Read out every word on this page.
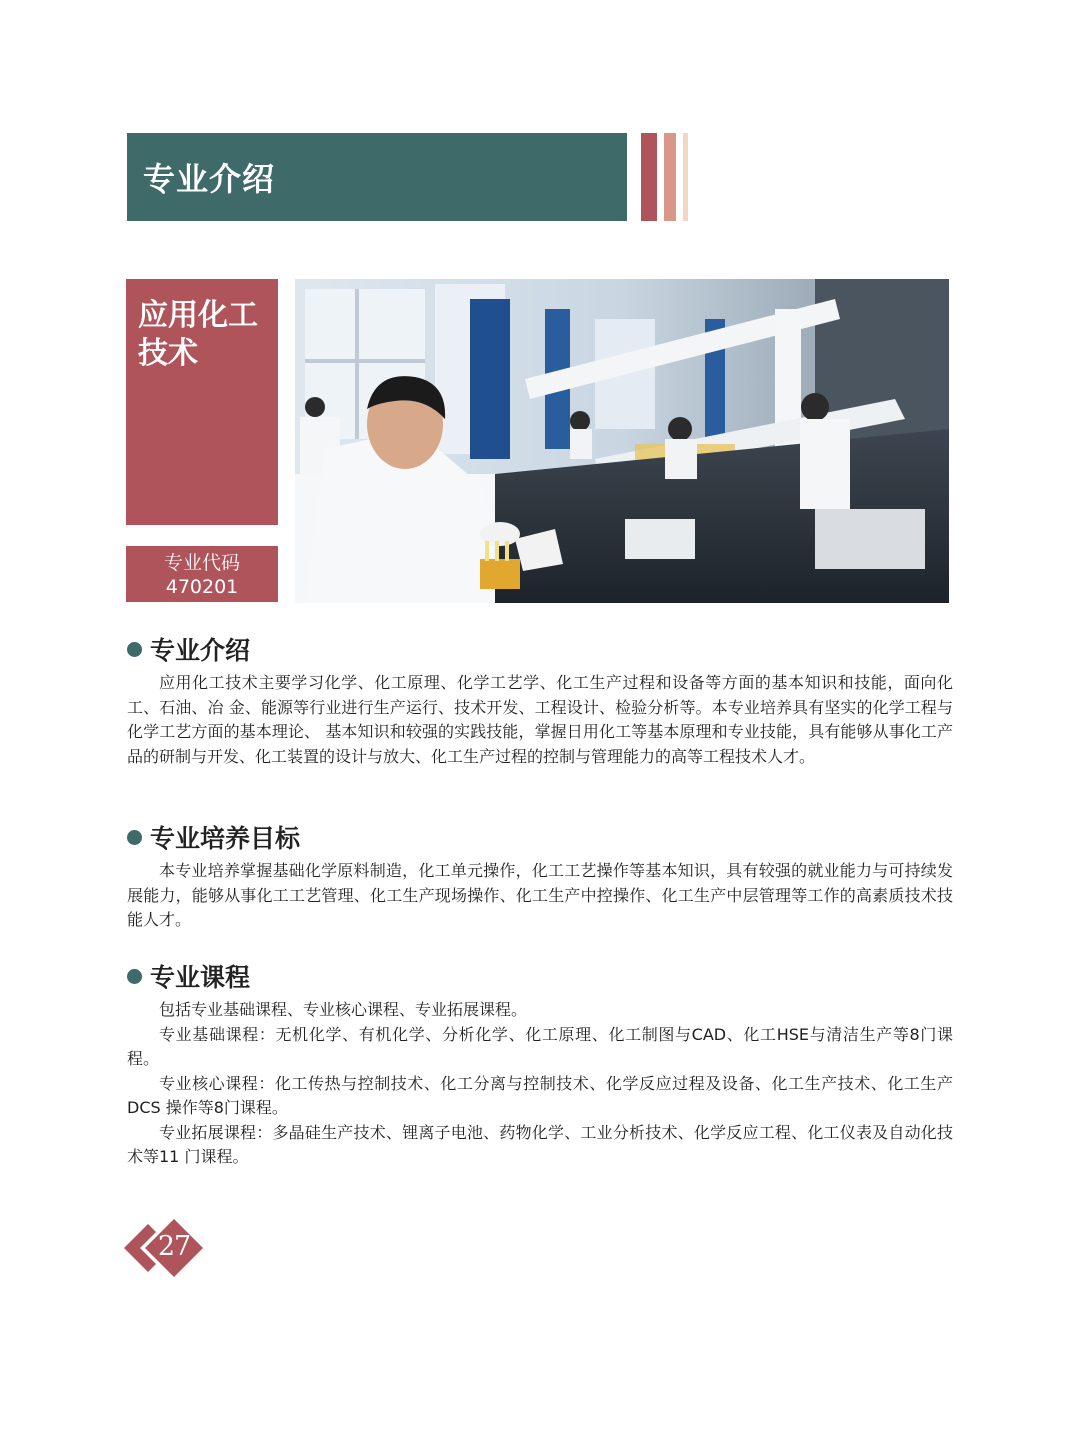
专业介绍
应用化工技术
专业代码
470201
专业介绍

应用化工技术主要学习化学、化工原理、化学工艺学、化工生产过程和设备等方面的基本知识和技能，面向化工、石油、冶 金、能源等行业进行生产运行、技术开发、工程设计、检验分析等。本专业培养具有坚实的化学工程与化学工艺方面的基本理论、 基本知识和较强的实践技能，掌握日用化工等基本原理和专业技能，具有能够从事化工产品的研制与开发、化工装置的设计与放大、化工生产过程的控制与管理能力的高等工程技术人才。

专业培养目标

本专业培养掌握基础化学原料制造，化工单元操作，化工工艺操作等基本知识，具有较强的就业能力与可持续发展能力，能够从事化工工艺管理、化工生产现场操作、化工生产中控操作、化工生产中层管理等工作的高素质技术技能人才。

专业课程

包括专业基础课程、专业核心课程、专业拓展课程。

专业基础课程：无机化学、有机化学、分析化学、化工原理、化工制图与CAD、化工HSE与清洁生产等8门课程。

专业核心课程：化工传热与控制技术、化工分离与控制技术、化学反应过程及设备、化工生产技术、化工生产DCS 操作等8门课程。

专业拓展课程：多晶硅生产技术、锂离子电池、药物化学、工业分析技术、化学反应工程、化工仪表及自动化技术等11 门课程。

27
